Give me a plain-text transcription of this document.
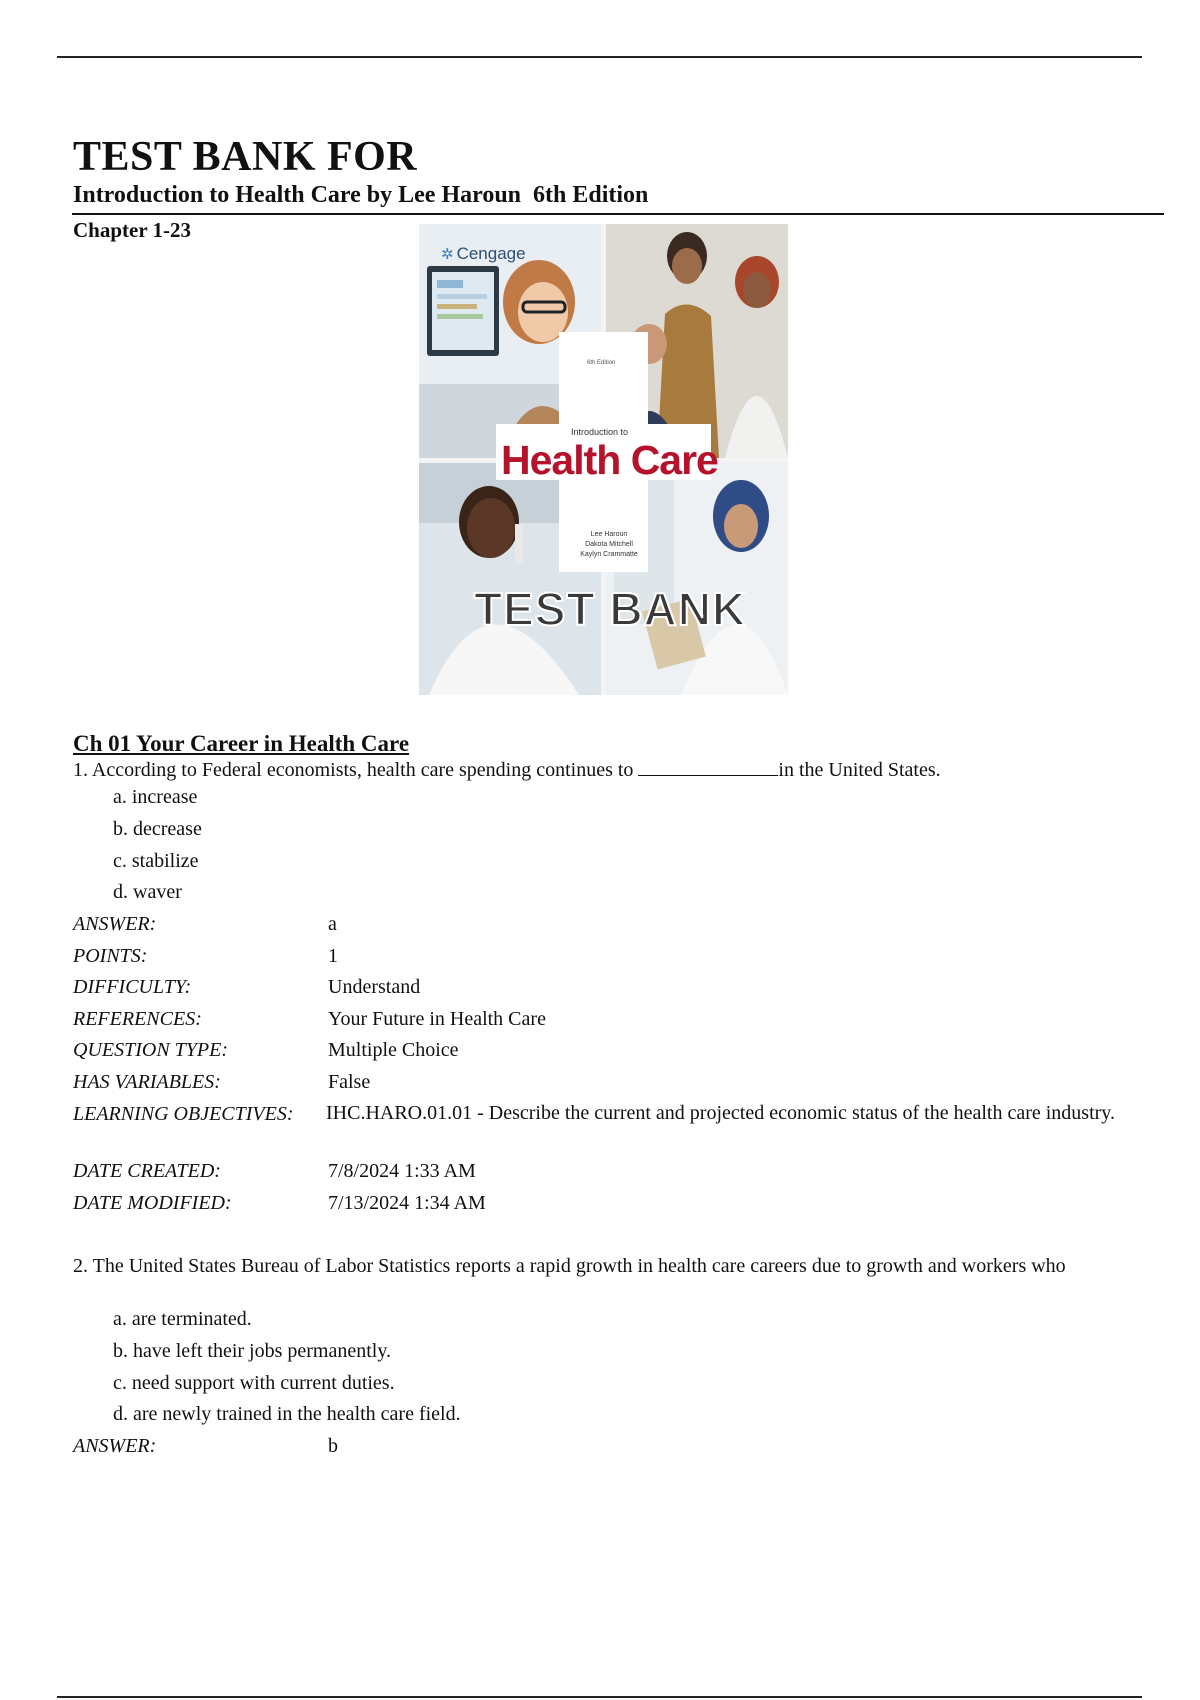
TEST BANK FOR
Introduction to Health Care by Lee Haroun  6th Edition
Chapter 1-23
✲ Cengage
6th Edition
Introduction to
Health Care
Lee Haroun
Dakota Mitchell
Kaylyn Crammatte
TEST BANK
Ch 01 Your Career in Health Care
1. According to Federal economists, health care spending continues to	in the United States.
a. increase
b. decrease
c. stabilize
d. waver
ANSWER:	a
POINTS:	1
DIFFICULTY:	Understand
REFERENCES:	Your Future in Health Care
QUESTION TYPE:	Multiple Choice
HAS VARIABLES:	False
LEARNING OBJECTIVES: IHC.HARO.01.01 - Describe the current and projected economic status of the health care industry.
DATE CREATED:	7/8/2024 1:33 AM
DATE MODIFIED:	7/13/2024 1:34 AM
2. The United States Bureau of Labor Statistics reports a rapid growth in health care careers due to growth and workers who
a. are terminated.
b. have left their jobs permanently.
c. need support with current duties.
d. are newly trained in the health care field.
ANSWER:	b
